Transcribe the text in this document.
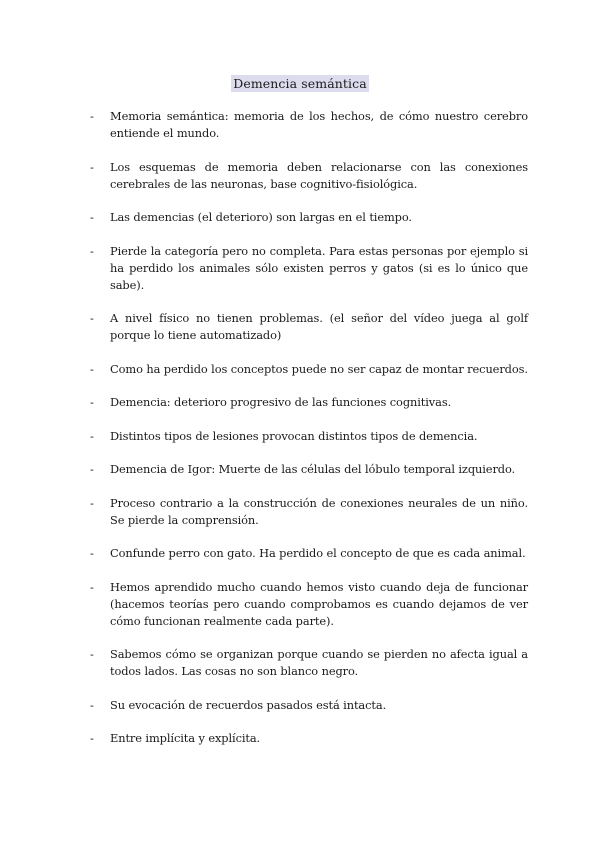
Demencia semántica
-	Memoria semántica: memoria de los hechos, de cómo nuestro cerebro entiende el mundo.
-	Los esquemas de memoria deben relacionarse con las conexiones cerebrales de las neuronas, base cognitivo-fisiológica.
-	Las demencias (el deterioro) son largas en el tiempo.
-	Pierde la categoría pero no completa. Para estas personas por ejemplo si ha perdido los animales sólo existen perros y gatos (si es lo único que sabe).
-	A nivel físico no tienen problemas. (el señor del vídeo juega al golf porque lo tiene automatizado)
-	Como ha perdido los conceptos puede no ser capaz de montar recuerdos.
-	Demencia: deterioro progresivo de las funciones cognitivas.
-	Distintos tipos de lesiones provocan distintos tipos de demencia.
-	Demencia de Igor: Muerte de las células del lóbulo temporal izquierdo.
-	Proceso contrario a la construcción de conexiones neurales de un niño. Se pierde la comprensión.
-	Confunde perro con gato. Ha perdido el concepto de que es cada animal.
-	Hemos aprendido mucho cuando hemos visto cuando deja de funcionar (hacemos teorías pero cuando comprobamos es cuando dejamos de ver cómo funcionan realmente cada parte).
-	Sabemos cómo se organizan porque cuando se pierden no afecta igual a todos lados. Las cosas no son blanco negro.
-	Su evocación de recuerdos pasados está intacta.
-	Entre implícita y explícita.
